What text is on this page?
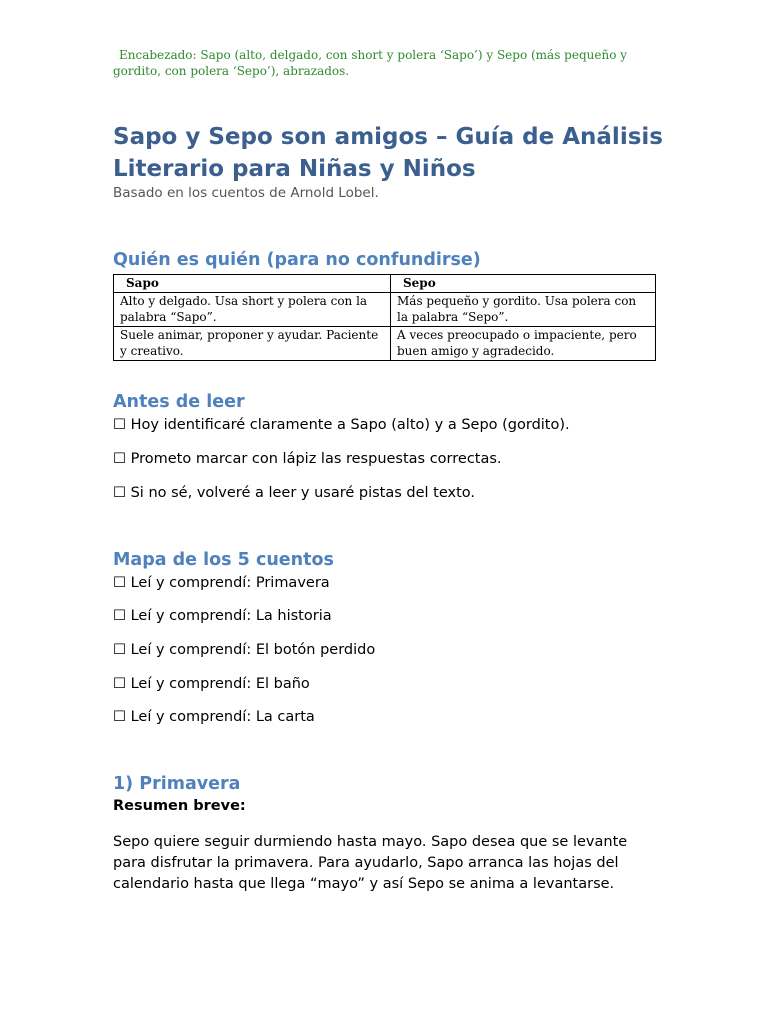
Encabezado: Sapo (alto, delgado, con short y polera ‘Sapo’) y Sepo (más pequeño y gordito, con polera ‘Sepo’), abrazados.
Sapo y Sepo son amigos – Guía de Análisis Literario para Niñas y Niños
Basado en los cuentos de Arnold Lobel.
Quién es quién (para no confundirse)
Sapo	Sepo
Alto y delgado. Usa short y polera con la palabra “Sapo”.	Más pequeño y gordito. Usa polera con la palabra “Sepo”.
Suele animar, proponer y ayudar. Paciente y creativo.	A veces preocupado o impaciente, pero buen amigo y agradecido.
Antes de leer
☐ Hoy identificaré claramente a Sapo (alto) y a Sepo (gordito).
☐ Prometo marcar con lápiz las respuestas correctas.
☐ Si no sé, volveré a leer y usaré pistas del texto.
Mapa de los 5 cuentos
☐ Leí y comprendí: Primavera
☐ Leí y comprendí: La historia
☐ Leí y comprendí: El botón perdido
☐ Leí y comprendí: El baño
☐ Leí y comprendí: La carta
1) Primavera
Resumen breve:
Sepo quiere seguir durmiendo hasta mayo. Sapo desea que se levante para disfrutar la primavera. Para ayudarlo, Sapo arranca las hojas del calendario hasta que llega “mayo” y así Sepo se anima a levantarse.
